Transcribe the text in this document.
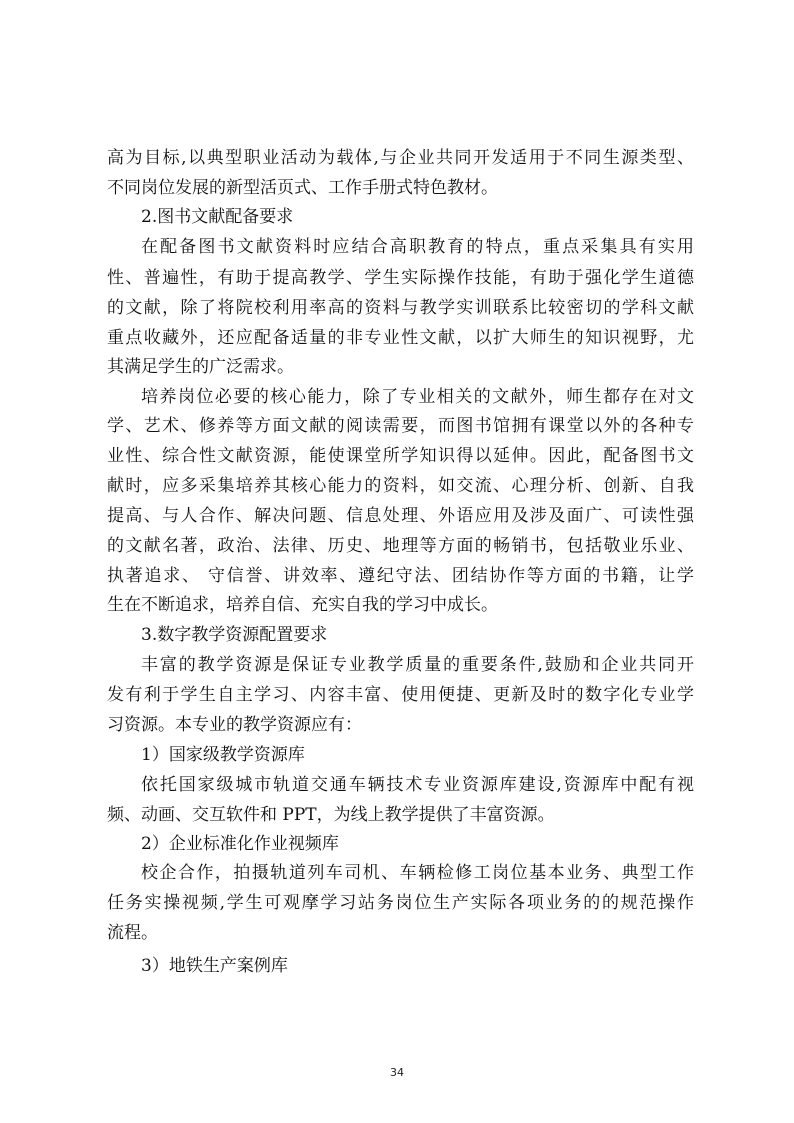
高为目标,以典型职业活动为载体,与企业共同开发适用于不同生源类型、
不同岗位发展的新型活页式、工作手册式特色教材。
2.图书文献配备要求
在配备图书文献资料时应结合高职教育的特点，重点采集具有实用
性、普遍性，有助于提高教学、学生实际操作技能，有助于强化学生道德
的文献，除了将院校利用率高的资料与教学实训联系比较密切的学科文献
重点收藏外，还应配备适量的非专业性文献，以扩大师生的知识视野，尤
其满足学生的广泛需求。
培养岗位必要的核心能力，除了专业相关的文献外，师生都存在对文
学、艺术、修养等方面文献的阅读需要，而图书馆拥有课堂以外的各种专
业性、综合性文献资源，能使课堂所学知识得以延伸。因此，配备图书文
献时，应多采集培养其核心能力的资料，如交流、心理分析、创新、自我
提高、与人合作、解决问题、信息处理、外语应用及涉及面广、可读性强
的文献名著，政治、法律、历史、地理等方面的畅销书，包括敬业乐业、
执著追求、 守信誉、讲效率、遵纪守法、团结协作等方面的书籍，让学
生在不断追求，培养自信、充实自我的学习中成长。
3.数字教学资源配置要求
丰富的教学资源是保证专业教学质量的重要条件,鼓励和企业共同开
发有利于学生自主学习、内容丰富、使用便捷、更新及时的数字化专业学
习资源。本专业的教学资源应有：
1）国家级教学资源库
依托国家级城市轨道交通车辆技术专业资源库建设,资源库中配有视
频、动画、交互软件和 PPT，为线上教学提供了丰富资源。
2）企业标准化作业视频库
校企合作，拍摄轨道列车司机、车辆检修工岗位基本业务、典型工作
任务实操视频,学生可观摩学习站务岗位生产实际各项业务的的规范操作
流程。
3）地铁生产案例库
34
